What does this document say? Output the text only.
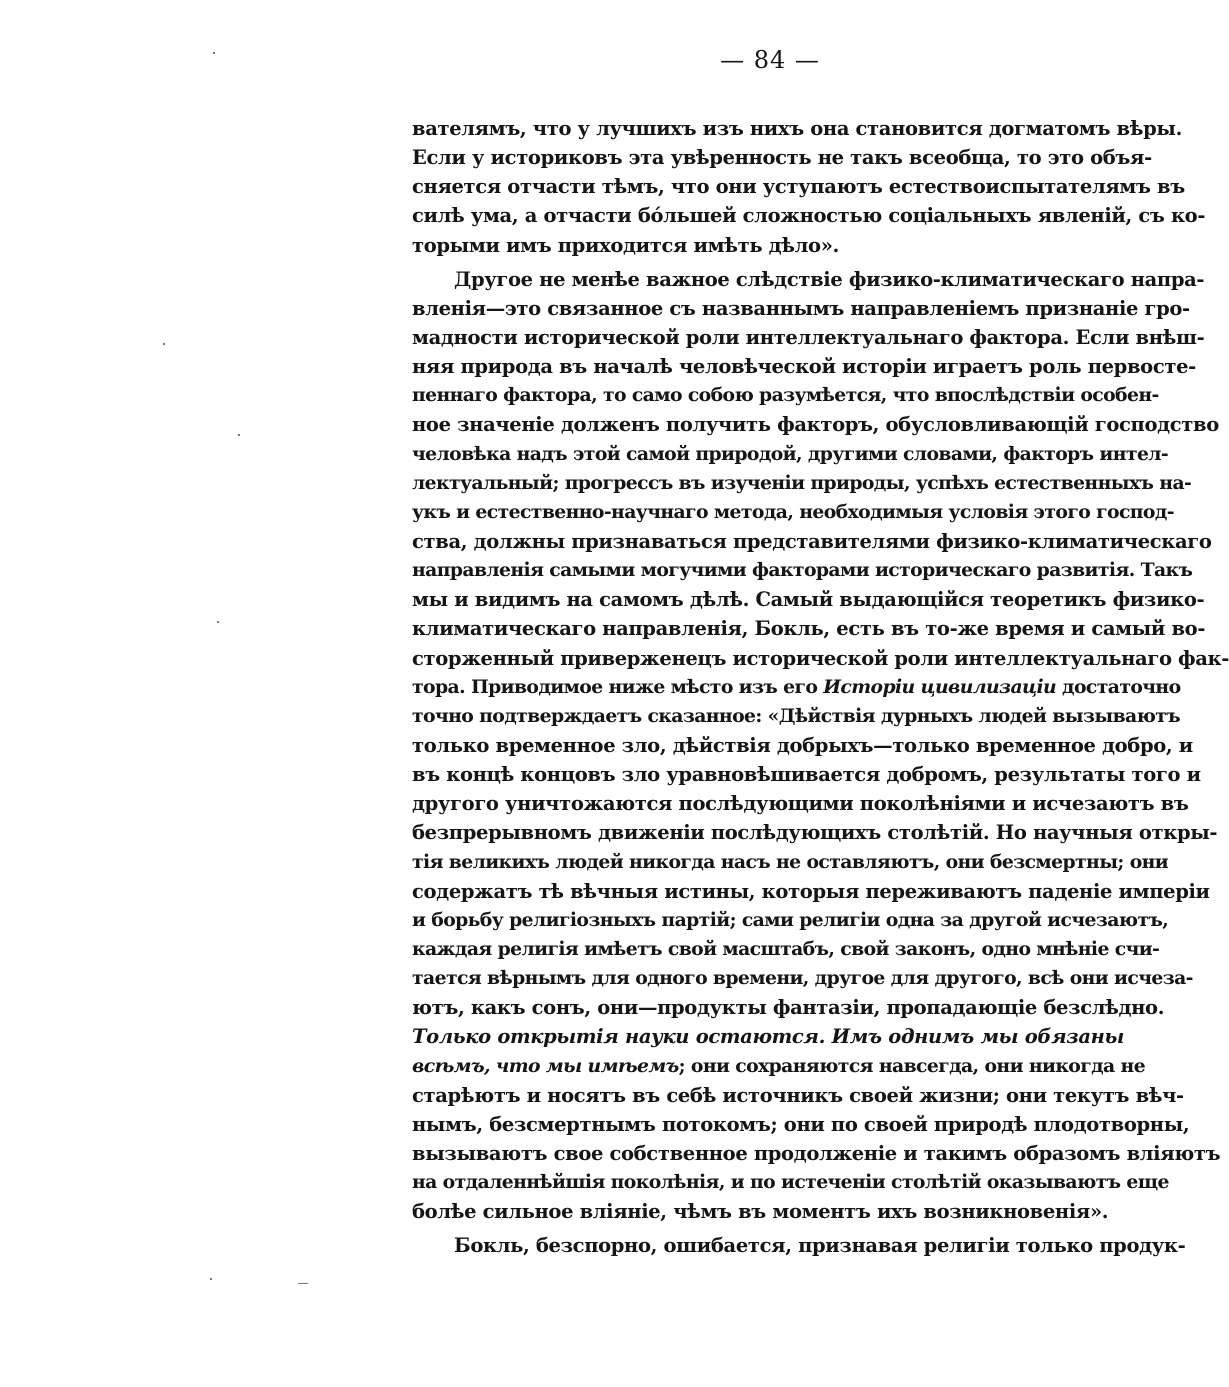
— 84 —
вателямъ, что у лучшихъ изъ нихъ она становится догматомъ вѣры.
Если у историковъ эта увѣренность не такъ всеобща, то это объя-
сняется отчасти тѣмъ, что они уступаютъ естествоиспытателямъ въ
силѣ ума, а отчасти бо́льшей сложностью соціальныхъ явленій, съ ко-
торыми имъ приходится имѣть дѣло».
Другое не менѣе важное слѣдствіе физико-климатическаго напра-
вленія—это связанное съ названнымъ направленіемъ признаніе гро-
мадности исторической роли интеллектуальнаго фактора. Если внѣш-
няя природа въ началѣ человѣческой исторіи играетъ роль первосте-
пеннаго фактора, то само собою разумѣется, что впослѣдствіи особен-
ное значеніе долженъ получить факторъ, обусловливающій господство
человѣка надъ этой самой природой, другими словами, факторъ интел-
лектуальный; прогрессъ въ изученіи природы, успѣхъ естественныхъ на-
укъ и естественно-научнаго метода, необходимыя условія этого господ-
ства, должны признаваться представителями физико-климатическаго
направленія самыми могучими факторами историческаго развитія. Такъ
мы и видимъ на самомъ дѣлѣ. Самый выдающійся теоретикъ физико-
климатическаго направленія, Бокль, есть въ то-же время и самый во-
сторженный приверженецъ исторической роли интеллектуальнаго фак-
тора. Приводимое ниже мѣсто изъ его Исторіи цивилизаціи достаточно
точно подтверждаетъ сказанное: «Дѣйствія дурныхъ людей вызываютъ
только временное зло, дѣйствія добрыхъ—только временное добро, и
въ концѣ концовъ зло уравновѣшивается добромъ, результаты того и
другого уничтожаются послѣдующими поколѣніями и исчезаютъ въ
безпрерывномъ движеніи послѣдующихъ столѣтій. Но научныя откры-
тія великихъ людей никогда насъ не оставляютъ, они безсмертны; они
содержатъ тѣ вѣчныя истины, которыя переживаютъ паденіе имперіи
и борьбу религіозныхъ партій; сами религіи одна за другой исчезаютъ,
каждая религія имѣетъ свой масштабъ, свой законъ, одно мнѣніе счи-
тается вѣрнымъ для одного времени, другое для другого, всѣ они исчеза-
ютъ, какъ сонъ, они—продукты фантазіи, пропадающіе безслѣдно.
Только открытія науки остаются. Имъ однимъ мы обязаны
всѣмъ, что мы имѣемъ; они сохраняются навсегда, они никогда не
старѣютъ и носятъ въ себѣ источникъ своей жизни; они текутъ вѣч-
нымъ, безсмертнымъ потокомъ; они по своей природѣ плодотворны,
вызываютъ свое собственное продолженіе и такимъ образомъ вліяютъ
на отдаленнѣйшія поколѣнія, и по истеченіи столѣтій оказываютъ еще
болѣе сильное вліяніе, чѣмъ въ моментъ ихъ возникновенія».
Бокль, безспорно, ошибается, признавая религіи только продук-
